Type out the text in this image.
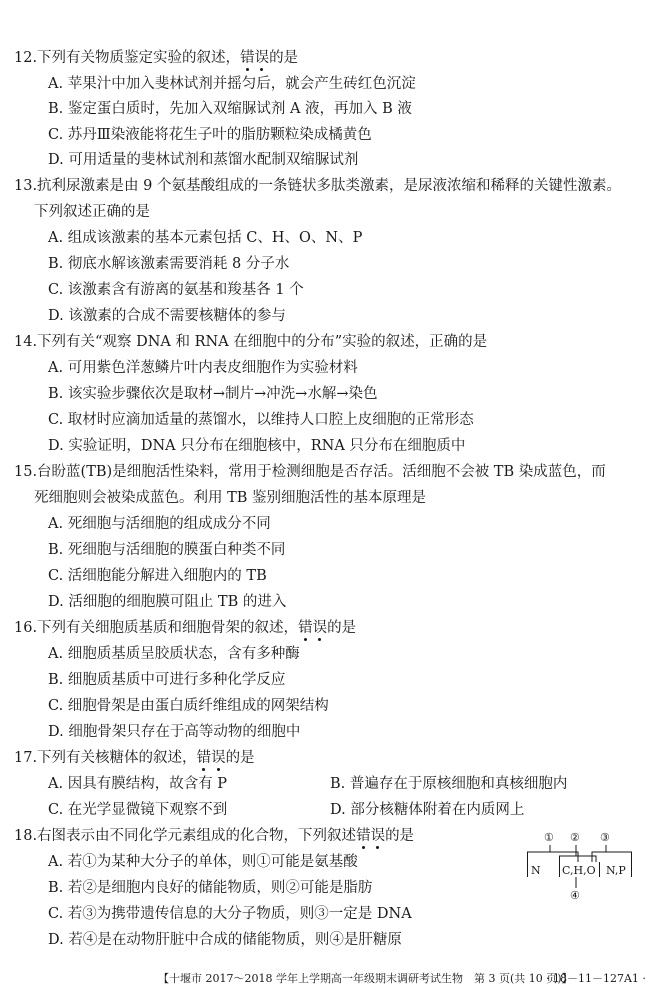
12.下列有关物质鉴定实验的叙述，错误的是
A. 苹果汁中加入斐林试剂并摇匀后，就会产生砖红色沉淀
B. 鉴定蛋白质时，先加入双缩脲试剂 A 液，再加入 B 液
C. 苏丹Ⅲ染液能将花生子叶的脂肪颗粒染成橘黄色
D. 可用适量的斐林试剂和蒸馏水配制双缩脲试剂
13.抗利尿激素是由 9 个氨基酸组成的一条链状多肽类激素，是尿液浓缩和稀释的关键性激素。
下列叙述正确的是
A. 组成该激素的基本元素包括 C、H、O、N、P
B. 彻底水解该激素需要消耗 8 分子水
C. 该激素含有游离的氨基和羧基各 1 个
D. 该激素的合成不需要核糖体的参与
14.下列有关“观察 DNA 和 RNA 在细胞中的分布”实验的叙述，正确的是
A. 可用紫色洋葱鳞片叶内表皮细胞作为实验材料
B. 该实验步骤依次是取材→制片→冲洗→水解→染色
C. 取材时应滴加适量的蒸馏水，以维持人口腔上皮细胞的正常形态
D. 实验证明，DNA 只分布在细胞核中，RNA 只分布在细胞质中
15.台盼蓝(TB)是细胞活性染料，常用于检测细胞是否存活。活细胞不会被 TB 染成蓝色，而
死细胞则会被染成蓝色。利用 TB 鉴别细胞活性的基本原理是
A. 死细胞与活细胞的组成成分不同
B. 死细胞与活细胞的膜蛋白种类不同
C. 活细胞能分解进入细胞内的 TB
D. 活细胞的细胞膜可阻止 TB 的进入
16.下列有关细胞质基质和细胞骨架的叙述，错误的是
A. 细胞质基质呈胶质状态，含有多种酶
B. 细胞质基质中可进行多种化学反应
C. 细胞骨架是由蛋白质纤维组成的网架结构
D. 细胞骨架只存在于高等动物的细胞中
17.下列有关核糖体的叙述，错误的是
A. 因具有膜结构，故含有 P	B. 普遍存在于原核细胞和真核细胞内
C. 在光学显微镜下观察不到	D. 部分核糖体附着在内质网上
18.右图表示由不同化学元素组成的化合物，下列叙述错误的是
A. 若①为某种大分子的单体，则①可能是氨基酸
B. 若②是细胞内良好的储能物质，则②可能是脂肪
C. 若③为携带遗传信息的大分子物质，则③一定是 DNA
D. 若④是在动物肝脏中合成的储能物质，则④是肝糖原
① ② ③
N C,H,O N,P
④
【十堰市 2017～2018 学年上学期高一年级期末调研考试生物　第 3 页(共 10 页)】
· 18－11－127A1 ·
